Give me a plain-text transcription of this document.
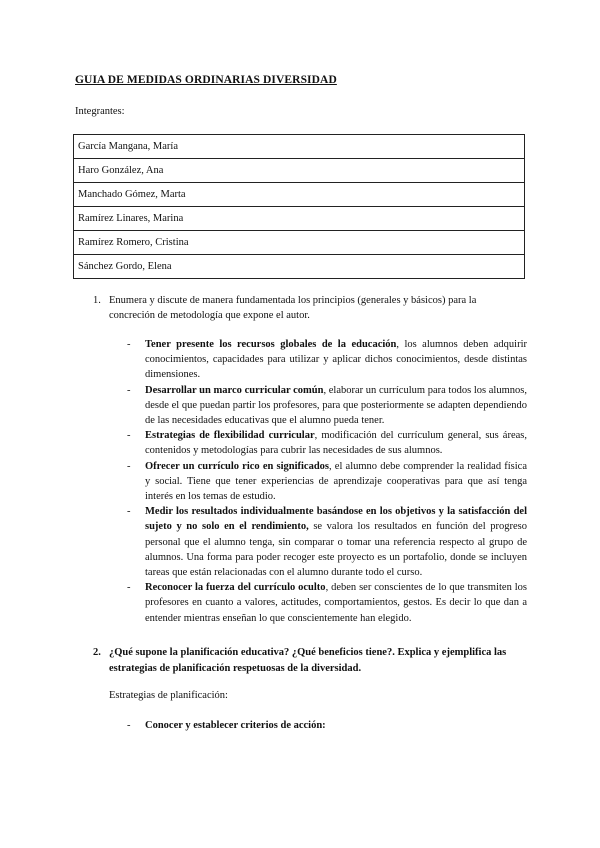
GUIA DE MEDIDAS ORDINARIAS DIVERSIDAD
Integrantes:
García Mangana, María
Haro González, Ana
Manchado Gómez, Marta
Ramírez Linares, Marina
Ramírez Romero, Cristina
Sánchez Gordo, Elena
1. Enumera y discute de manera fundamentada los principios (generales y básicos) para la concreción de metodología que expone el autor.
- Tener presente los recursos globales de la educación, los alumnos deben adquirir conocimientos, capacidades para utilizar y aplicar dichos conocimientos, desde distintas dimensiones.
- Desarrollar un marco curricular común, elaborar un currículum para todos los alumnos, desde el que puedan partir los profesores, para que posteriormente se adapten dependiendo de las necesidades educativas que el alumno pueda tener.
- Estrategias de flexibilidad curricular, modificación del currículum general, sus áreas, contenidos y metodologías para cubrir las necesidades de sus alumnos.
- Ofrecer un currículo rico en significados, el alumno debe comprender la realidad física y social. Tiene que tener experiencias de aprendizaje cooperativas para que así tenga interés en los temas de estudio.
- Medir los resultados individualmente basándose en los objetivos y la satisfacción del sujeto y no solo en el rendimiento, se valora los resultados en función del progreso personal que el alumno tenga, sin comparar o tomar una referencia respecto al grupo de alumnos. Una forma para poder recoger este proyecto es un portafolio, donde se incluyen tareas que están relacionadas con el alumno durante todo el curso.
- Reconocer la fuerza del currículo oculto, deben ser conscientes de lo que transmiten los profesores en cuanto a valores, actitudes, comportamientos, gestos. Es decir lo que dan a entender mientras enseñan lo que conscientemente han elegido.
2. ¿Qué supone la planificación educativa? ¿Qué beneficios tiene?. Explica y ejemplifica las estrategias de planificación respetuosas de la diversidad.
Estrategias de planificación:
- Conocer y establecer criterios de acción:
